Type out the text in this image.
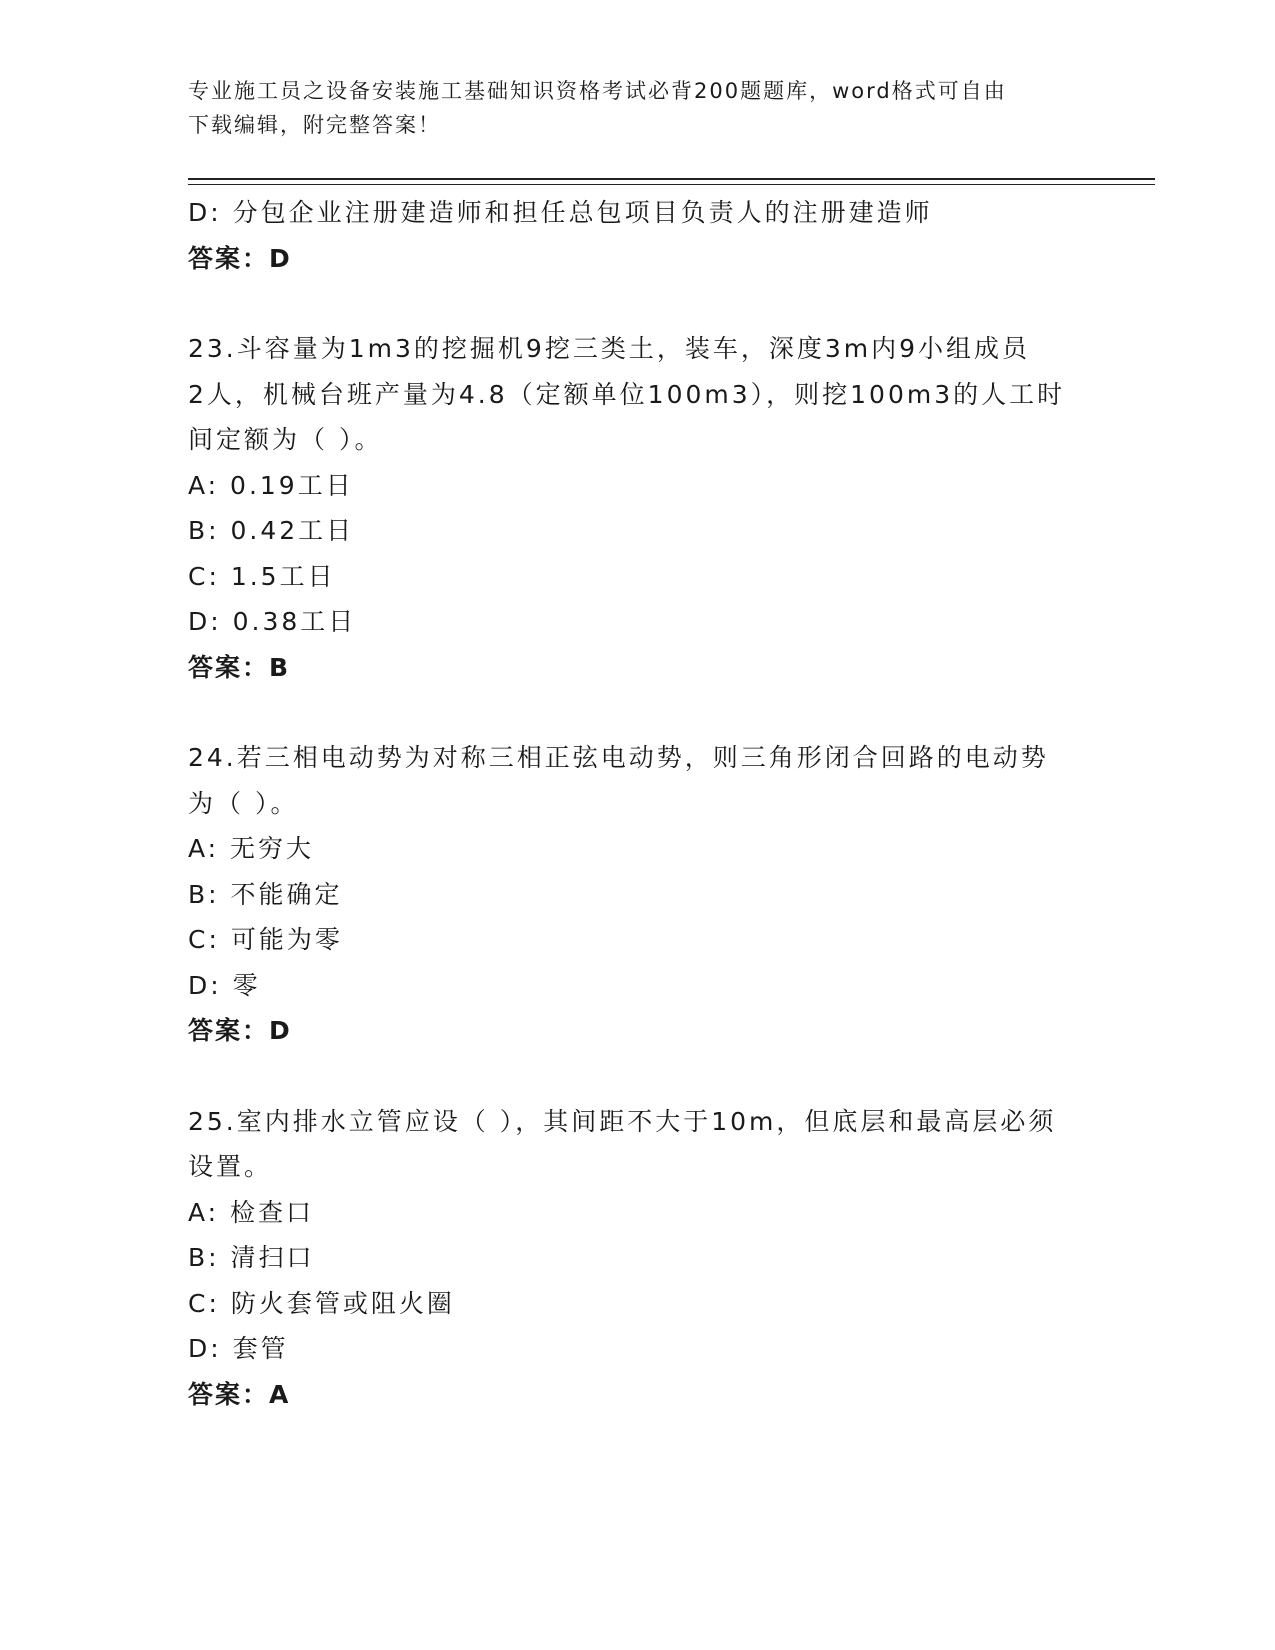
专业施工员之设备安装施工基础知识资格考试必背200题题库，word格式可自由
下载编辑，附完整答案！
D: 分包企业注册建造师和担任总包项目负责人的注册建造师
答案：D
23.斗容量为1m3的挖掘机9挖三类土，装车，深度3m内9小组成员
2人，机械台班产量为4.8（定额单位100m3），则挖100m3的人工时
间定额为（ ）。
A: 0.19工日
B: 0.42工日
C: 1.5工日
D: 0.38工日
答案：B
24.若三相电动势为对称三相正弦电动势，则三角形闭合回路的电动势
为（ ）。
A: 无穷大
B: 不能确定
C: 可能为零
D: 零
答案：D
25.室内排水立管应设（ ），其间距不大于10m，但底层和最高层必须
设置。
A: 检查口
B: 清扫口
C: 防火套管或阻火圈
D: 套管
答案：A
